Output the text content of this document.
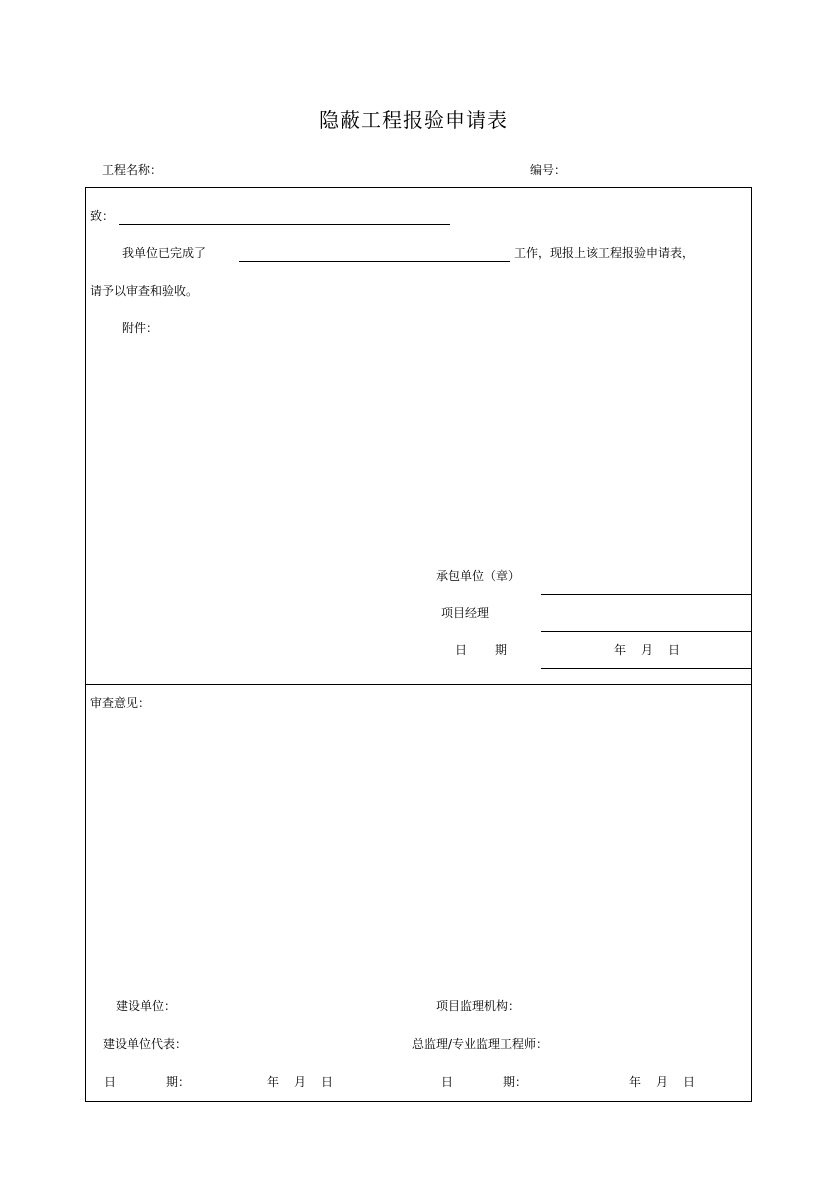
隐蔽工程报验申请表
工程名称：	编号：
致：
我单位已完成了	工作，现报上该工程报验申请表，
请予以审查和验收。
附件：
承包单位（章）
项目经理
日 期	年 月 日
审查意见：
建设单位：	项目监理机构：
建设单位代表：	总监理/专业监理工程师：
日	期：	年 月 日	日	期：	年 月 日
